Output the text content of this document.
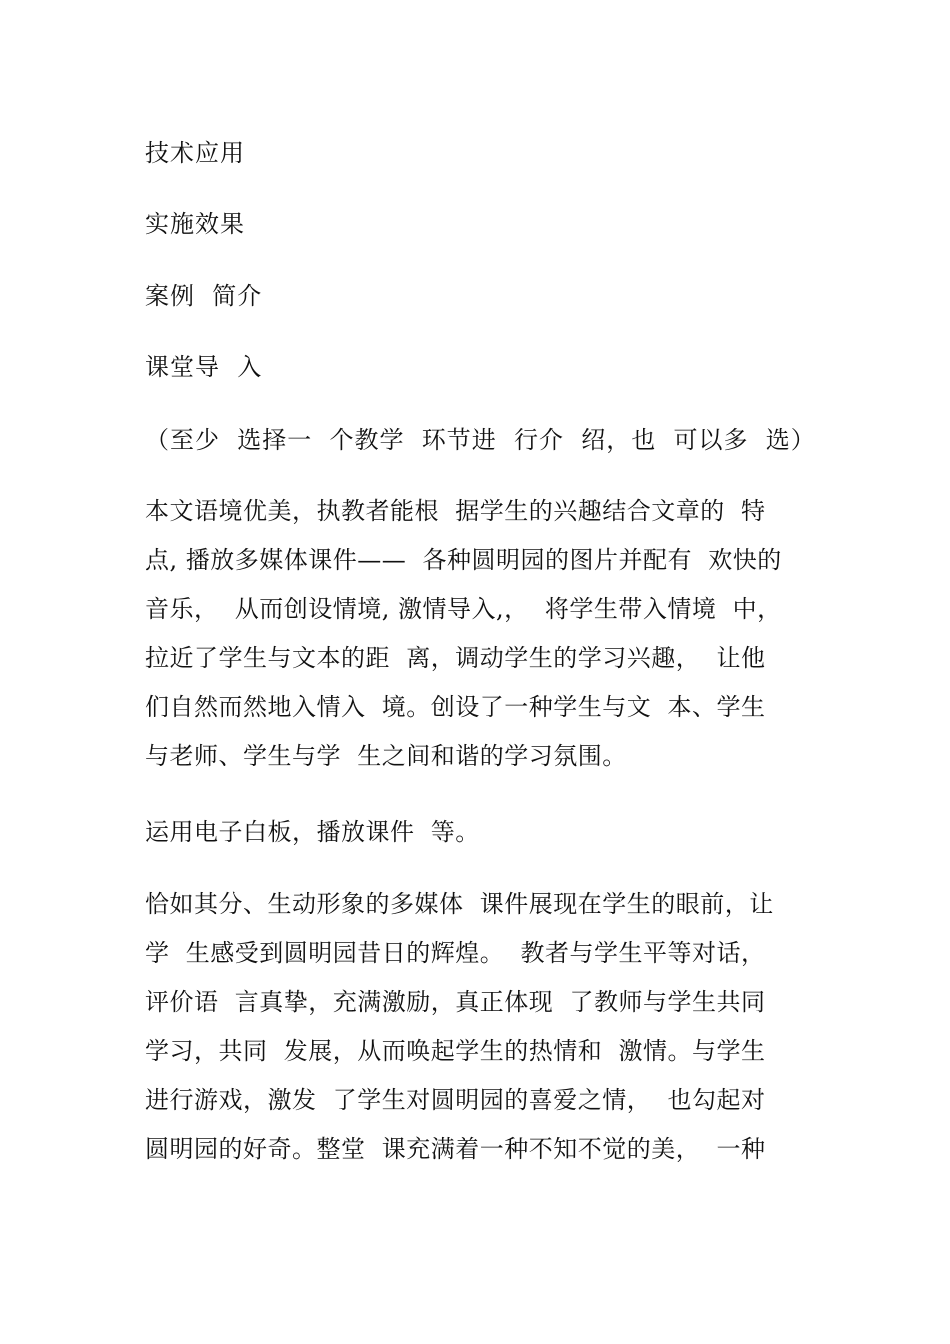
技术应用
实施效果
案例  简介
课堂导  入
（至少  选择一  个教学  环节进  行介  绍，也  可以多  选）
本文语境优美，执教者能根  据学生的兴趣结合文章的  特
点, 播放多媒体课件——  各种圆明园的图片并配有  欢快的
音乐，  从而创设情境, 激情导入,，  将学生带入情境  中，
拉近了学生与文本的距  离，调动学生的学习兴趣，  让他
们自然而然地入情入  境。创设了一种学生与文  本、学生
与老师、学生与学  生之间和谐的学习氛围。
运用电子白板，播放课件  等。
恰如其分、生动形象的多媒体  课件展现在学生的眼前，让
学  生感受到圆明园昔日的辉煌。  教者与学生平等对话，
评价语  言真挚，充满激励，真正体现  了教师与学生共同
学习，共同  发展，从而唤起学生的热情和  激情。与学生
进行游戏，激发  了学生对圆明园的喜爱之情，  也勾起对
圆明园的好奇。整堂  课充满着一种不知不觉的美，  一种
